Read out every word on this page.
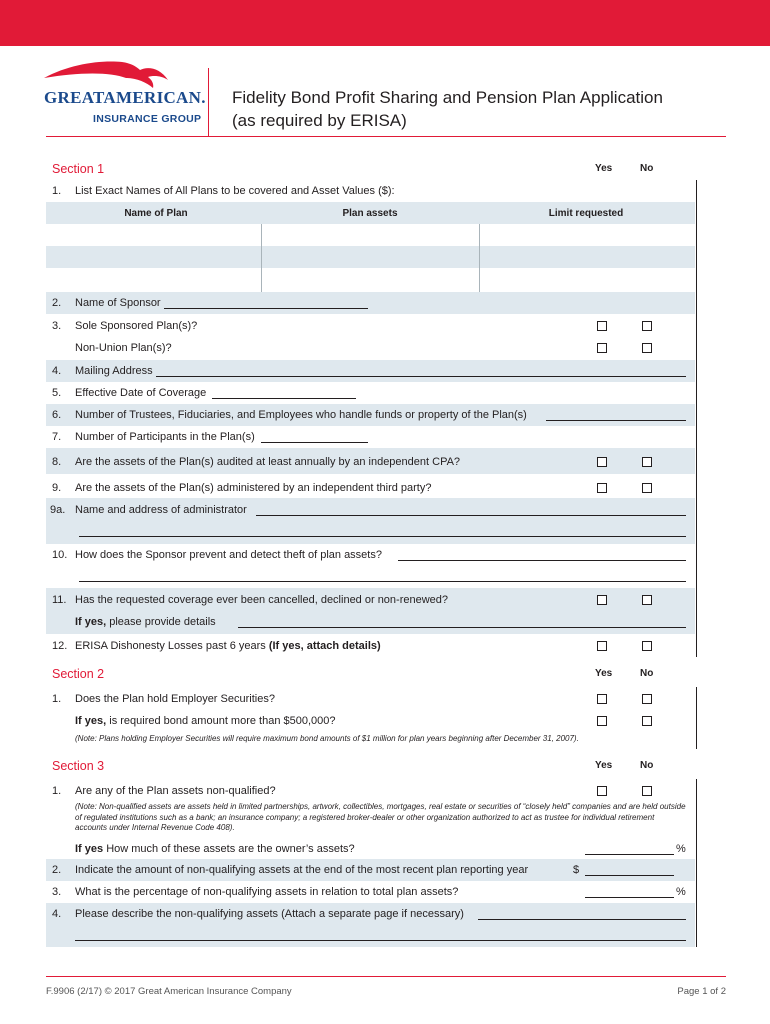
GREATAMERICAN.
INSURANCE GROUP
Fidelity Bond Profit Sharing and Pension Plan Application
(as required by ERISA)
Section 1	Yes	No
1.	List Exact Names of All Plans to be covered and Asset Values ($):
Name of Plan	Plan assets	Limit requested
2.	Name of Sponsor
3.	Sole Sponsored Plan(s)?
Non-Union Plan(s)?
4.	Mailing Address
5.	Effective Date of Coverage
6.	Number of Trustees, Fiduciaries, and Employees who handle funds or property of the Plan(s)
7.	Number of Participants in the Plan(s)
8.	Are the assets of the Plan(s) audited at least annually by an independent CPA?
9.	Are the assets of the Plan(s) administered by an independent third party?
9a. Name and address of administrator
10. How does the Sponsor prevent and detect theft of plan assets?
11. Has the requested coverage ever been cancelled, declined or non-renewed?
If yes, please provide details
12. ERISA Dishonesty Losses past 6 years (If yes, attach details)
Section 2	Yes	No
1.	Does the Plan hold Employer Securities?
If yes, is required bond amount more than $500,000?
(Note: Plans holding Employer Securities will require maximum bond amounts of $1 million for plan years beginning after December 31, 2007).
Section 3	Yes	No
1.	Are any of the Plan assets non-qualified?
(Note: Non-qualified assets are assets held in limited partnerships, artwork, collectibles, mortgages, real estate or securities of “closely held” companies and are held outside of regulated institutions such as a bank; an insurance company; a registered broker-dealer or other organization authorized to act as trustee for individual retirement accounts under Internal Revenue Code 408).
If yes How much of these assets are the owner’s assets?	%
2.	Indicate the amount of non-qualifying assets at the end of the most recent plan reporting year	$
3.	What is the percentage of non-qualifying assets in relation to total plan assets?	%
4.	Please describe the non-qualifying assets (Attach a separate page if necessary)
F.9906 (2/17) © 2017 Great American Insurance Company	Page 1 of 2
